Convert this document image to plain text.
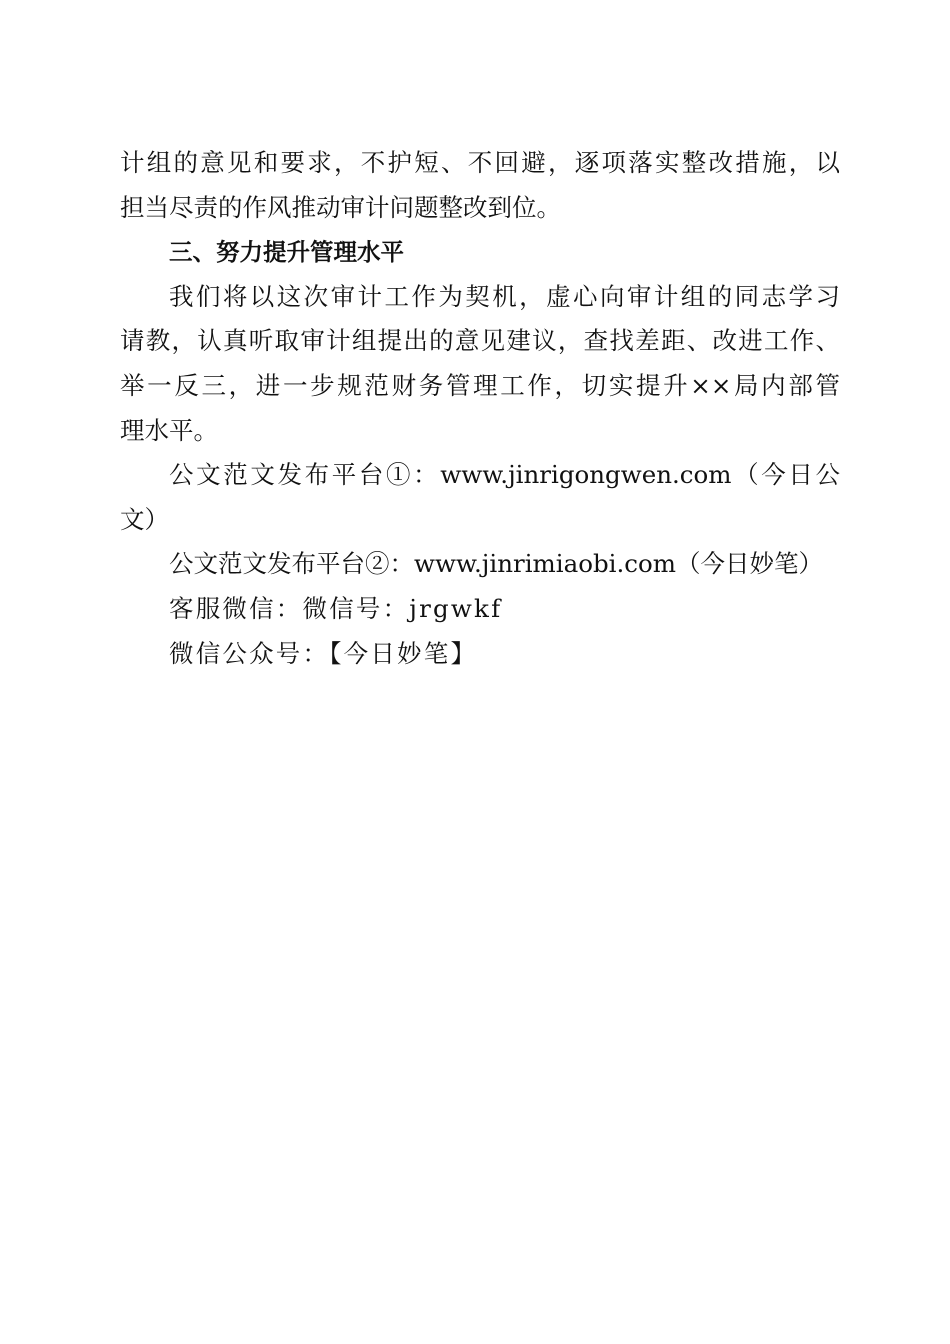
计组的意见和要求，不护短、不回避，逐项落实整改措施，以
担当尽责的作风推动审计问题整改到位。
三、努力提升管理水平
我们将以这次审计工作为契机，虚心向审计组的同志学习
请教，认真听取审计组提出的意见建议，查找差距、改进工作、
举一反三，进一步规范财务管理工作，切实提升××局内部管
理水平。
公文范文发布平台①：www.jinrigongwen.com（今日公
文）
公文范文发布平台②：www.jinrimiaobi.com（今日妙笔）
客服微信：微信号：jrgwkf
微信公众号：【今日妙笔】
